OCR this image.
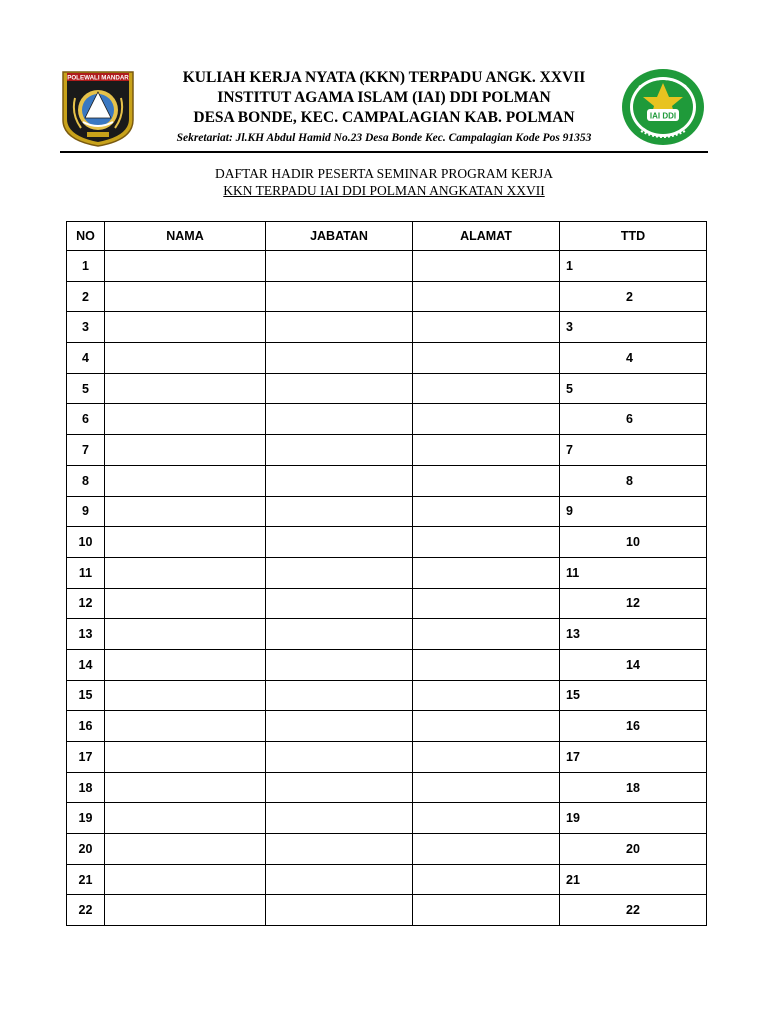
POLEWALI MANDAR	KULIAH KERJA NYATA (KKN) TERPADU ANGK. XXVII
INSTITUT AGAMA ISLAM (IAI) DDI POLMAN
DESA BONDE, KEC. CAMPALAGIAN KAB. POLMAN
Sekretariat: Jl.KH Abdul Hamid No.23 Desa Bonde Kec. Campalagian Kode Pos 91353
IAI DDI
DAFTAR HADIR PESERTA SEMINAR PROGRAM KERJA
KKN TERPADU IAI DDI POLMAN ANGKATAN XXVII
NO	NAMA	JABATAN	ALAMAT	TTD
1				1
2				2
3				3
4				4
5				5
6				6
7				7
8				8
9				9
10				10
11				11
12				12
13				13
14				14
15				15
16				16
17				17
18				18
19				19
20				20
21				21
22				22
